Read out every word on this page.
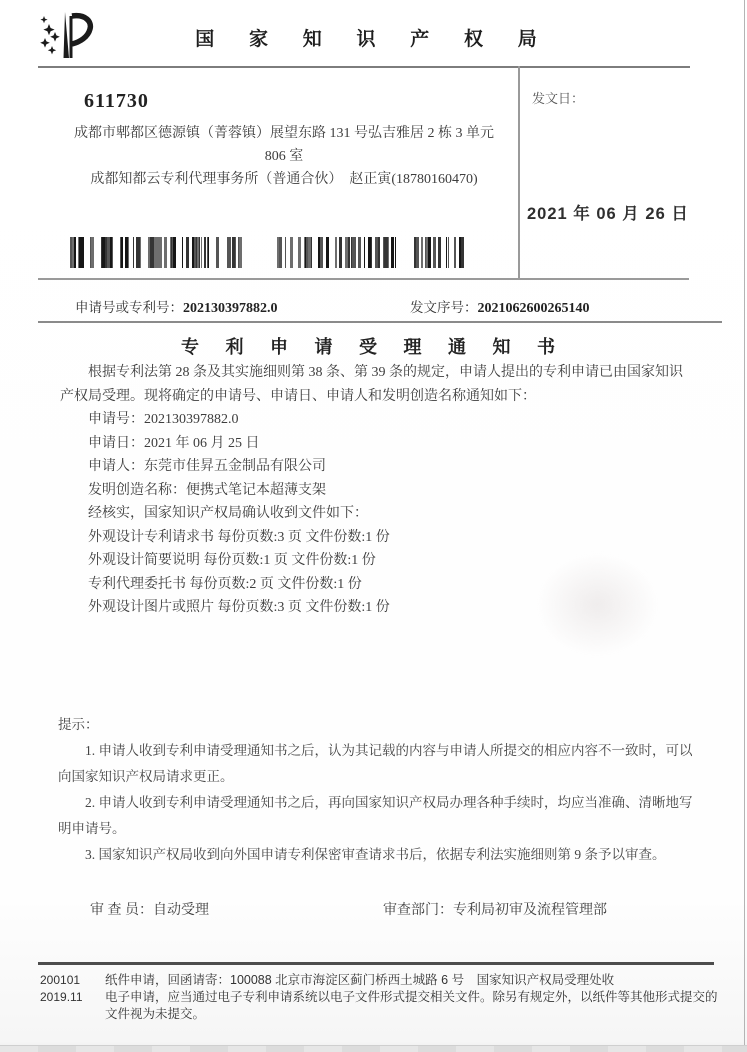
国 家 知 识 产 权 局
611730
成都市郫都区德源镇（菁蓉镇）展望东路 131 号弘吉雅居 2 栋 3 单元
806 室
成都知都云专利代理事务所（普通合伙）　赵正寅(18780160470)
发文日：
2021 年 06 月 26 日
申请号或专利号：202130397882.0	发文序号：2021062600265140
专 利 申 请 受 理 通 知 书

根据专利法第 28 条及其实施细则第 38 条、第 39 条的规定，申请人提出的专利申请已由国家知识产权局受理。现将确定的申请号、申请日、申请人和发明创造名称通知如下：

申请号：202130397882.0
申请日：2021 年 06 月 25 日
申请人：东莞市佳昇五金制品有限公司
发明创造名称：便携式笔记本超薄支架
经核实，国家知识产权局确认收到文件如下：
外观设计专利请求书 每份页数:3 页 文件份数:1 份
外观设计简要说明 每份页数:1 页 文件份数:1 份
专利代理委托书 每份页数:2 页 文件份数:1 份
外观设计图片或照片 每份页数:3 页 文件份数:1 份

提示：

1. 申请人收到专利申请受理通知书之后，认为其记载的内容与申请人所提交的相应内容不一致时，可以向国家知识产权局请求更正。

2. 申请人收到专利申请受理通知书之后，再向国家知识产权局办理各种手续时，均应当准确、清晰地写明申请号。

3. 国家知识产权局收到向外国申请专利保密审查请求书后，依据专利法实施细则第 9 条予以审查。

审 查 员：自动受理	审查部门：专利局初审及流程管理部
200101
2019.11
纸件申请，回函请寄：100088 北京市海淀区蓟门桥西土城路 6 号　国家知识产权局受理处收
电子申请，应当通过电子专利申请系统以电子文件形式提交相关文件。除另有规定外，以纸件等其他形式提交的文件视为未提交。
